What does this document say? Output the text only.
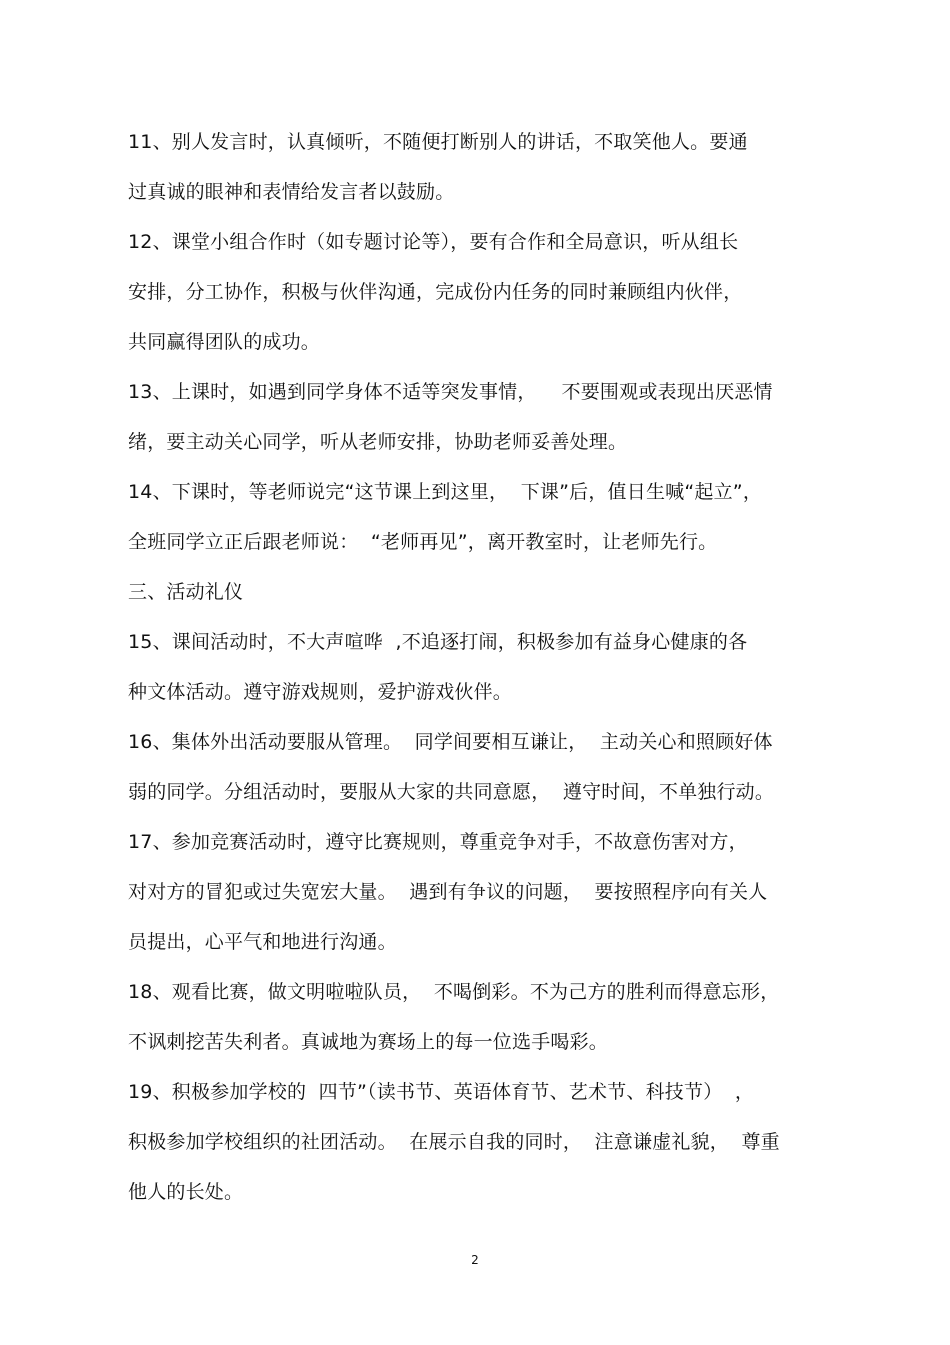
11、别人发言时，认真倾听，不随便打断别人的讲话，不取笑他人。要通
过真诚的眼神和表情给发言者以鼓励。
12、课堂小组合作时（如专题讨论等），要有合作和全局意识，听从组长
安排，分工协作，积极与伙伴沟通，完成份内任务的同时兼顾组内伙伴，
共同赢得团队的成功。
13、上课时，如遇到同学身体不适等突发事情，    不要围观或表现出厌恶情
绪，要主动关心同学，听从老师安排，协助老师妥善处理。
14、下课时，等老师说完“这节课上到这里，  下课”后，值日生喊“起立”，
全班同学立正后跟老师说：  “老师再见”，离开教室时，让老师先行。
三、活动礼仪
15、课间活动时，不大声喧哗  ,不追逐打闹，积极参加有益身心健康的各
种文体活动。遵守游戏规则，爱护游戏伙伴。
16、集体外出活动要服从管理。  同学间要相互谦让，  主动关心和照顾好体
弱的同学。分组活动时，要服从大家的共同意愿，  遵守时间，不单独行动。
17、参加竞赛活动时，遵守比赛规则，尊重竞争对手，不故意伤害对方，
对对方的冒犯或过失宽宏大量。  遇到有争议的问题，  要按照程序向有关人
员提出，心平气和地进行沟通。
18、观看比赛，做文明啦啦队员，  不喝倒彩。不为己方的胜利而得意忘形，
不讽刺挖苦失利者。真诚地为赛场上的每一位选手喝彩。
19、积极参加学校的  四节”（读书节、英语体育节、艺术节、科技节）  ，
积极参加学校组织的社团活动。  在展示自我的同时，  注意谦虚礼貌，  尊重
他人的长处。
2
